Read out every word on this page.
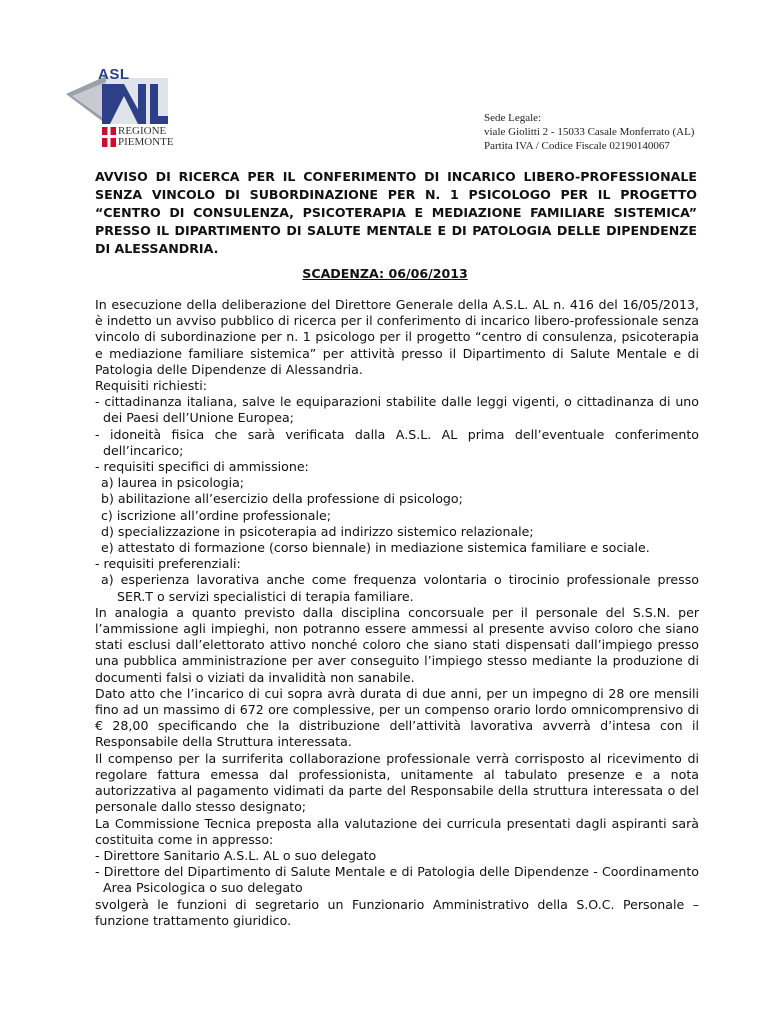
ASL
REGIONE
PIEMONTE
Sede Legale:
viale Giolitti 2 - 15033 Casale Monferrato (AL)
Partita IVA / Codice Fiscale 02190140067
AVVISO DI RICERCA PER IL CONFERIMENTO DI INCARICO LIBERO-PROFESSIONALE SENZA VINCOLO DI SUBORDINAZIONE PER N. 1 PSICOLOGO PER IL PROGETTO “CENTRO DI CONSULENZA, PSICOTERAPIA E MEDIAZIONE FAMILIARE SISTEMICA” PRESSO IL DIPARTIMENTO DI SALUTE MENTALE E DI PATOLOGIA DELLE DIPENDENZE DI ALESSANDRIA.
SCADENZA: 06/06/2013

In esecuzione della deliberazione del Direttore Generale della A.S.L. AL n. 416 del 16/05/2013, è indetto un avviso pubblico di ricerca per il conferimento di incarico libero-professionale senza vincolo di subordinazione per n. 1 psicologo per il progetto “centro di consulenza, psicoterapia e mediazione familiare sistemica” per attività presso il Dipartimento di Salute Mentale e di Patologia delle Dipendenze di Alessandria.

Requisiti richiesti:

- cittadinanza italiana, salve le equiparazioni stabilite dalle leggi vigenti, o cittadinanza di uno dei Paesi dell’Unione Europea;

- idoneità fisica che sarà verificata dalla A.S.L. AL prima dell’eventuale conferimento dell’incarico;

- requisiti specifici di ammissione:

a) laurea in psicologia;

b) abilitazione all’esercizio della professione di psicologo;

c) iscrizione all’ordine professionale;

d) specializzazione in psicoterapia ad indirizzo sistemico relazionale;

e) attestato di formazione (corso biennale) in mediazione sistemica familiare e sociale.

- requisiti preferenziali:

a) esperienza lavorativa anche come frequenza volontaria o tirocinio professionale presso SER.T o servizi specialistici di terapia familiare.

In analogia a quanto previsto dalla disciplina concorsuale per il personale del S.S.N. per l’ammissione agli impieghi, non potranno essere ammessi al presente avviso coloro che siano stati esclusi dall’elettorato attivo nonché coloro che siano stati dispensati dall’impiego presso una pubblica amministrazione per aver conseguito l’impiego stesso mediante la produzione di documenti falsi o viziati da invalidità non sanabile.

Dato atto che l’incarico di cui sopra avrà durata di due anni, per un impegno di 28 ore mensili fino ad un massimo di 672 ore complessive, per un compenso orario lordo omnicomprensivo di € 28,00 specificando che la distribuzione dell’attività lavorativa avverrà d’intesa con il Responsabile della Struttura interessata.

Il compenso per la surriferita collaborazione professionale verrà corrisposto al ricevimento di regolare fattura emessa dal professionista, unitamente al tabulato presenze e a nota autorizzativa al pagamento vidimati da parte del Responsabile della struttura interessata o del personale dallo stesso designato;

La Commissione Tecnica preposta alla valutazione dei curricula presentati dagli aspiranti sarà costituita come in appresso:

- Direttore Sanitario A.S.L. AL o suo delegato

- Direttore del Dipartimento di Salute Mentale e di Patologia delle Dipendenze - Coordinamento Area Psicologica o suo delegato

svolgerà le funzioni di segretario un Funzionario Amministrativo della S.O.C. Personale – funzione trattamento giuridico.
